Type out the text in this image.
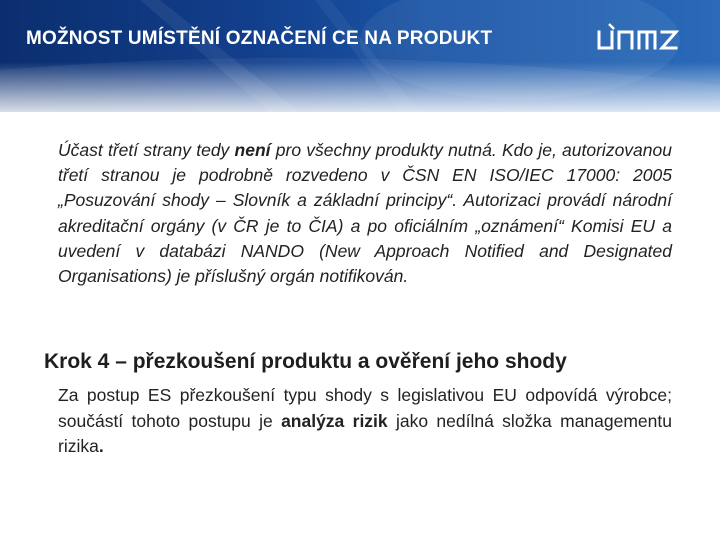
MOŽNOST UMÍSTĚNÍ OZNAČENÍ CE NA PRODUKT
Účast třetí strany tedy není pro všechny produkty nutná. Kdo je, autorizovanou třetí stranou je podrobně rozvedeno v ČSN EN ISO/IEC 17000: 2005 „Posuzování shody – Slovník a základní principy“. Autorizaci provádí národní akreditační orgány (v ČR je to ČIA) a po oficiálním „oznámení“ Komisi EU a uvedení v databázi NANDO (New Approach Notified and Designated Organisations) je příslušný orgán notifikován.
Krok 4 – přezkoušení produktu a ověření jeho shody
Za postup ES přezkoušení typu shody s legislativou EU odpovídá výrobce; součástí tohoto postupu je analýza rizik jako nedílná složka managementu rizika.
